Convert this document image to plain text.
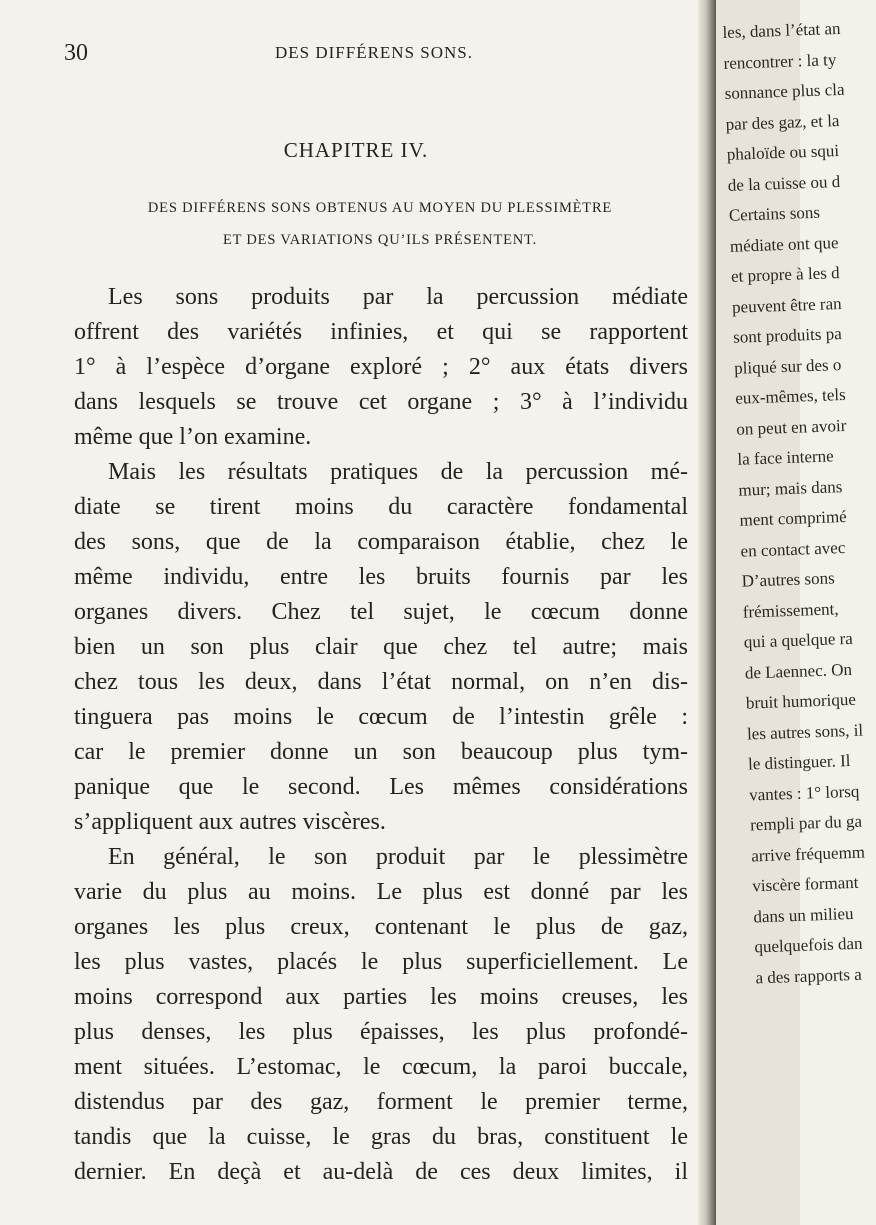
30	DES DIFFÉRENS SONS.
CHAPITRE IV.
DES DIFFÉRENS SONS OBTENUS AU MOYEN DU PLESSIMÈTRE
ET DES VARIATIONS QU’ILS PRÉSENTENT.
Les sons produits par la percussion médiate
offrent des variétés infinies, et qui se rapportent
1° à l’espèce d’organe exploré ; 2° aux états divers
dans lesquels se trouve cet organe ; 3° à l’individu
même que l’on examine.
Mais les résultats pratiques de la percussion mé-
diate se tirent moins du caractère fondamental
des sons, que de la comparaison établie, chez le
même individu, entre les bruits fournis par les
organes divers. Chez tel sujet, le cœcum donne
bien un son plus clair que chez tel autre; mais
chez tous les deux, dans l’état normal, on n’en dis-
tinguera pas moins le cœcum de l’intestin grêle :
car le premier donne un son beaucoup plus tym-
panique que le second. Les mêmes considérations
s’appliquent aux autres viscères.
En général, le son produit par le plessimètre
varie du plus au moins. Le plus est donné par les
organes les plus creux, contenant le plus de gaz,
les plus vastes, placés le plus superficiellement. Le
moins correspond aux parties les moins creuses, les
plus denses, les plus épaisses, les plus profondé-
ment situées. L’estomac, le cœcum, la paroi buccale,
distendus par des gaz, forment le premier terme,
tandis que la cuisse, le gras du bras, constituent le
dernier. En deçà et au-delà de ces deux limites, il
les, dans l’état an
rencontrer : la ty
sonnance plus cla
par des gaz, et la
phaloïde ou squi
de la cuisse ou d
Certains sons
médiate ont que
et propre à les d
peuvent être ran
sont produits pa
pliqué sur des o
eux-mêmes, tels
on peut en avoir
la face interne
mur; mais dans
ment comprimé
en contact avec
D’autres sons
frémissement,
qui a quelque ra
de Laennec. On
bruit humorique
les autres sons, il
le distinguer. Il
vantes : 1° lorsq
rempli par du ga
arrive fréquemm
viscère formant
dans un milieu
quelquefois dan
a des rapports a
